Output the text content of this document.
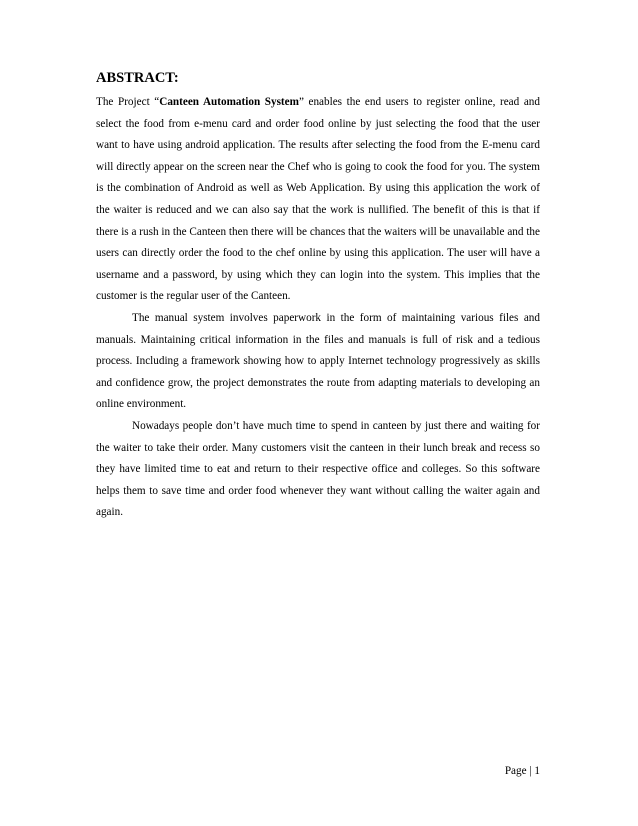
ABSTRACT:

The Project “Canteen Automation System” enables the end users to register online, read and select the food from e-menu card and order food online by just selecting the food that the user want to have using android application. The results after selecting the food from the E-menu card will directly appear on the screen near the Chef who is going to cook the food for you. The system is the combination of Android as well as Web Application. By using this application the work of the waiter is reduced and we can also say that the work is nullified. The benefit of this is that if there is a rush in the Canteen then there will be chances that the waiters will be unavailable and the users can directly order the food to the chef online by using this application. The user will have a username and a password, by using which they can login into the system. This implies that the customer is the regular user of the Canteen.

The manual system involves paperwork in the form of maintaining various files and manuals. Maintaining critical information in the files and manuals is full of risk and a tedious process. Including a framework showing how to apply Internet technology progressively as skills and confidence grow, the project demonstrates the route from adapting materials to developing an online environment.

Nowadays people don’t have much time to spend in canteen by just there and waiting for the waiter to take their order. Many customers visit the canteen in their lunch break and recess so they have limited time to eat and return to their respective office and colleges. So this software helps them to save time and order food whenever they want without calling the waiter again and again.

Page | 1
